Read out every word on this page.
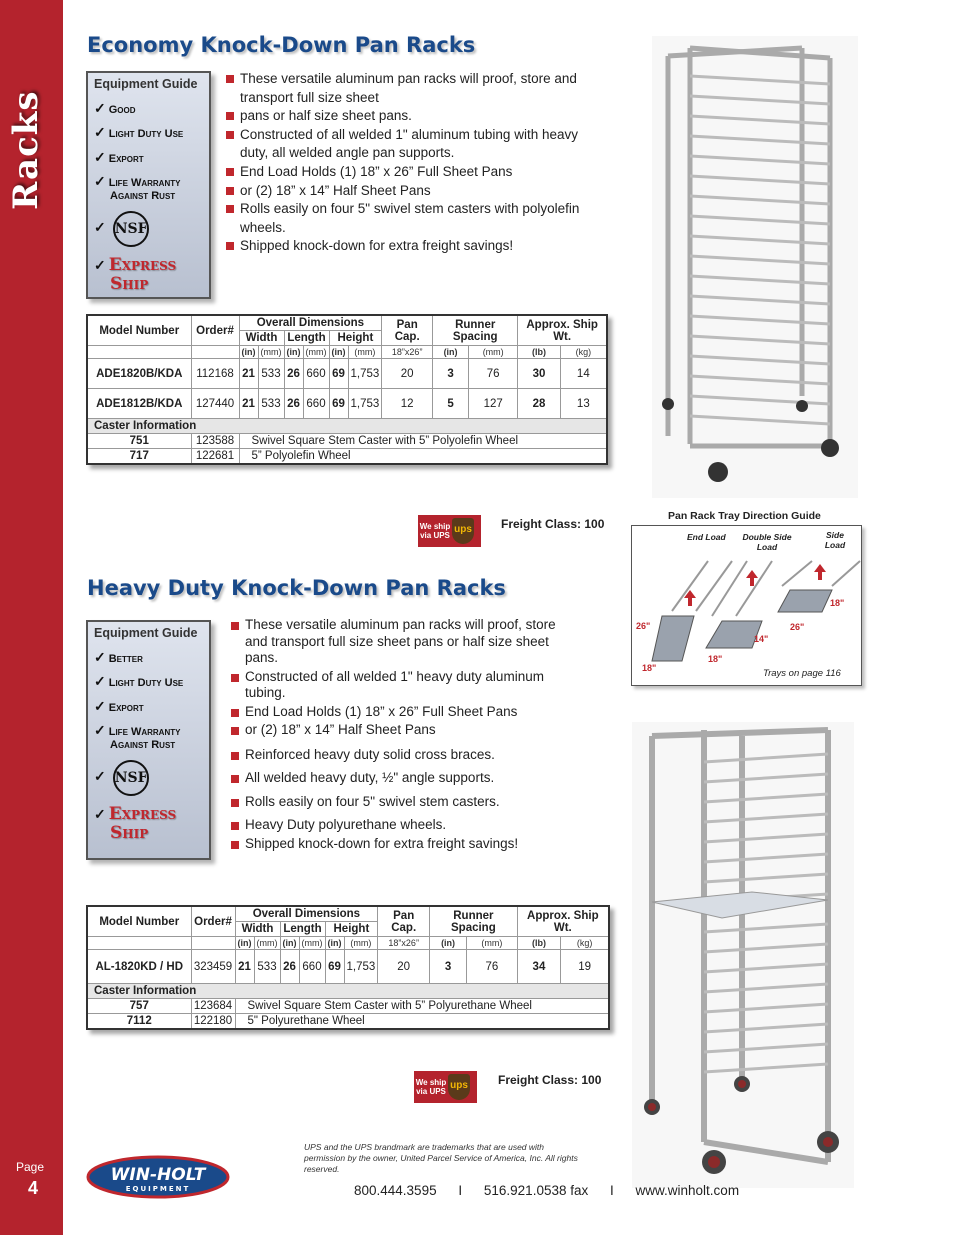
Racks
Page
4
Economy Knock-Down Pan Racks
Equipment Guide
✓ Good
✓ Light Duty Use
✓ Export
✓ Life Warranty
Against Rust
✓ NSF
✓ Express
Ship
These versatile aluminum pan racks will proof, store and transport full size sheet
pans or half size sheet pans.
Constructed of all welded 1" aluminum tubing with heavy duty, all welded angle pan supports.
End Load Holds (1) 18” x 26” Full Sheet Pans
or (2) 18” x 14” Half Sheet Pans
Rolls easily on four 5" swivel stem casters with polyolefin wheels.
Shipped knock-down for extra freight savings!
Model Number	Order#	Overall Dimensions						Pan Cap.	Runner Spacing		Approx. Ship Wt.	
		Width		Length		Height						
		(in)	(mm)	(in)	(mm)	(in)	(mm)	18”x26”	(in)	(mm)	(lb)	(kg)
ADE1820B/KDA	112168	21	533	26	660	69	1,753	20	3	76	30	14
ADE1812B/KDA	127440	21	533	26	660	69	1,753	12	5	127	28	13
Caster Information												
751	123588	Swivel Square Stem Caster with 5” Polyolefin Wheel										
717	122681	5” Polyolefin Wheel										
We ship
via UPS
ups Freight Class: 100
Pan Rack Tray Direction Guide
End Load Double Side Load
Side Load
26"
18"
18"
14"
26"
18"
Trays on page 116
Heavy Duty Knock-Down Pan Racks
Equipment Guide
✓ Better
✓ Light Duty Use
✓ Export
✓ Life Warranty
Against Rust
✓ NSF
✓ Express
Ship
These versatile aluminum pan racks will proof, store and transport full size sheet pans or half size sheet pans.
Constructed of all welded 1" heavy duty aluminum tubing.
End Load Holds (1) 18” x 26” Full Sheet Pans
or (2) 18” x 14” Half Sheet Pans
Reinforced heavy duty solid cross braces.
All welded heavy duty, ½" angle supports.
Rolls easily on four 5" swivel stem casters.
Heavy Duty polyurethane wheels.
Shipped knock-down for extra freight savings!
Model Number	Order#	Overall Dimensions						Pan Cap.	Runner Spacing		Approx. Ship Wt.	
		Width		Length		Height						
		(in)	(mm)	(in)	(mm)	(in)	(mm)	18”x26”	(in)	(mm)	(lb)	(kg)
AL-1820KD / HD	323459	21	533	26	660	69	1,753	20	3	76	34	19
Caster Information												
757	123684	Swivel Square Stem Caster with 5” Polyurethane Wheel										
7112	122180	5" Polyurethane Wheel										
We ship
via UPS
ups	Freight Class: 100
UPS and the UPS brandmark are trademarks that are used with permission by the owner, United Parcel Service of America, Inc. All rights reserved.
WIN-HOLT
EQUIPMENT	800.444.3595 I 516.921.0538 fax I www.winholt.com
